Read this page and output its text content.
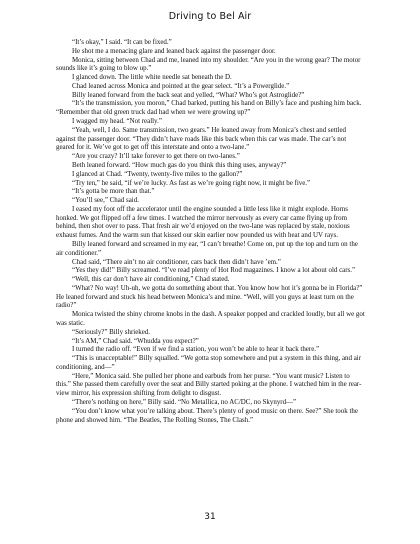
Driving to Bel Air

“It’s okay,” I said. “It can be fixed.”

He shot me a menacing glare and leaned back against the passenger door.

Monica, sitting between Chad and me, leaned into my shoulder. “Are you in the wrong gear? The motor sounds like it’s going to blow up.”

I glanced down. The little white needle sat beneath the D.

Chad leaned across Monica and pointed at the gear select. “It’s a Powerglide.”

Billy leaned forward from the back seat and yelled, “What? Who’s got Astroglide?”

“It’s the transmission, you moron,” Chad barked, putting his hand on Billy’s face and pushing him back. “Remember that old green truck dad had when we were growing up?”

I wagged my head. “Not really.”

“Yeah, well, I do. Same transmission, two gears.” He leaned away from Monica’s chest and settled against the passenger door. “They didn’t have roads like this back when this car was made. The car’s not geared for it. We’ve got to get off this interstate and onto a two-lane.”

“Are you crazy? It’ll take forever to get there on two-lanes.”

Beth leaned forward. “How much gas do you think this thing uses, anyway?”

I glanced at Chad. “Twenty, twenty-five miles to the gallon?”

“Try ten,” he said, “if we’re lucky. As fast as we’re going right now, it might be five.”

“It’s gotta be more than that.”

“You’ll see,” Chad said.

I eased my foot off the accelerator until the engine sounded a little less like it might explode. Horns honked. We got flipped off a few times. I watched the mirror nervously as every car came flying up from behind, then shot over to pass. That fresh air we’d enjoyed on the two-lane was replaced by stale, noxious exhaust fumes. And the warm sun that kissed our skin earlier now pounded us with heat and UV rays.

Billy leaned forward and screamed in my ear, “I can’t breathe! Come on, put up the top and turn on the air conditioner.”

Chad said, “There ain’t no air conditioner, cars back then didn’t have ’em.”

“Yes they did!” Billy screamed. “I’ve read plenty of Hot Rod magazines. I know a lot about old cars.”

“Well, this car don’t have air conditioning,” Chad stated.

“What? No way! Uh-uh, we gotta do something about that. You know how hot it’s gonna be in Florida?” He leaned forward and stuck his head between Monica’s and mine. “Well, will you guys at least turn on the radio?”

Monica twisted the shiny chrome knobs in the dash. A speaker popped and crackled loudly, but all we got was static.

“Seriously?” Billy shrieked.

“It’s AM,” Chad said. “Whudda you expect?”

I turned the radio off. “Even if we find a station, you won’t be able to hear it back there.”

“This is unacceptable!” Billy squalled. “We gotta stop somewhere and put a system in this thing, and air conditioning, and—”

“Here,” Monica said. She pulled her phone and earbuds from her purse. “You want music? Listen to this.” She passed them carefully over the seat and Billy started poking at the phone. I watched him in the rear-view mirror, his expression shifting from delight to disgust.

“There’s nothing on here,” Billy said. “No Metallica, no AC/DC, no Skynyrd—”

“You don’t know what you’re talking about. There’s plenty of good music on there. See?” She took the phone and showed him. “The Beatles, The Rolling Stones, The Clash.”

31
